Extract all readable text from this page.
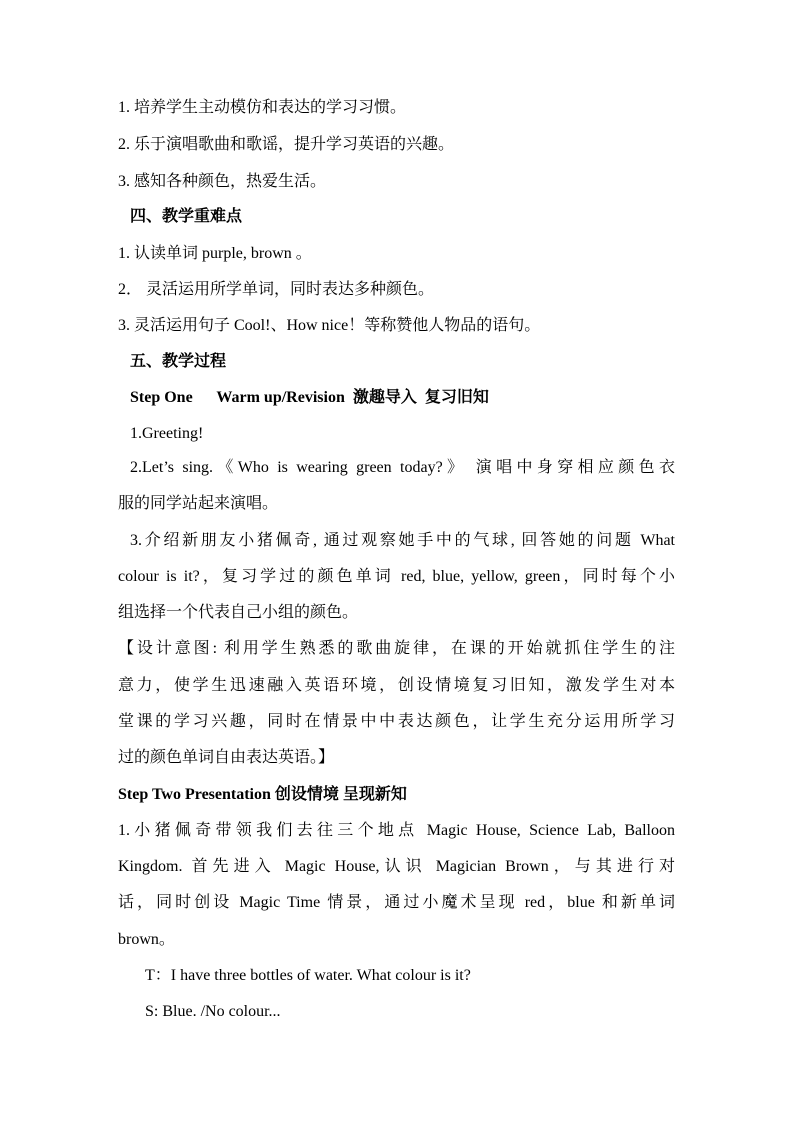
1. 培养学生主动模仿和表达的学习习惯。
2. 乐于演唱歌曲和歌谣，提升学习英语的兴趣。
3. 感知各种颜色，热爱生活。
四、教学重难点
1. 认读单词 purple, brown 。
2． 灵活运用所学单词，同时表达多种颜色。
3. 灵活运用句子 Cool!、How nice！等称赞他人物品的语句。
五、教学过程
Step One      Warm up/Revision  激趣导入  复习旧知
1.Greeting!
2.Let’s sing.《Who is wearing green today?》 演唱中身穿相应颜色衣
服的同学站起来演唱。
3.介绍新朋友小猪佩奇, 通过观察她手中的气球, 回答她的问题 What
colour is it?，复习学过的颜色单词 red, blue, yellow, green，同时每个小
组选择一个代表自己小组的颜色。
【设计意图: 利用学生熟悉的歌曲旋律，在课的开始就抓住学生的注
意力，使学生迅速融入英语环境，创设情境复习旧知，激发学生对本
堂课的学习兴趣，同时在情景中中表达颜色，让学生充分运用所学习
过的颜色单词自由表达英语。】
Step Two Presentation 创设情境 呈现新知
1.小猪佩奇带领我们去往三个地点 Magic House, Science Lab, Balloon
Kingdom. 首先进入 Magic House,认识 Magician Brown，与其进行对
话，同时创设 Magic Time 情景，通过小魔术呈现 red，blue 和新单词
brown。
T：I have three bottles of water. What colour is it?
S: Blue. /No colour...
